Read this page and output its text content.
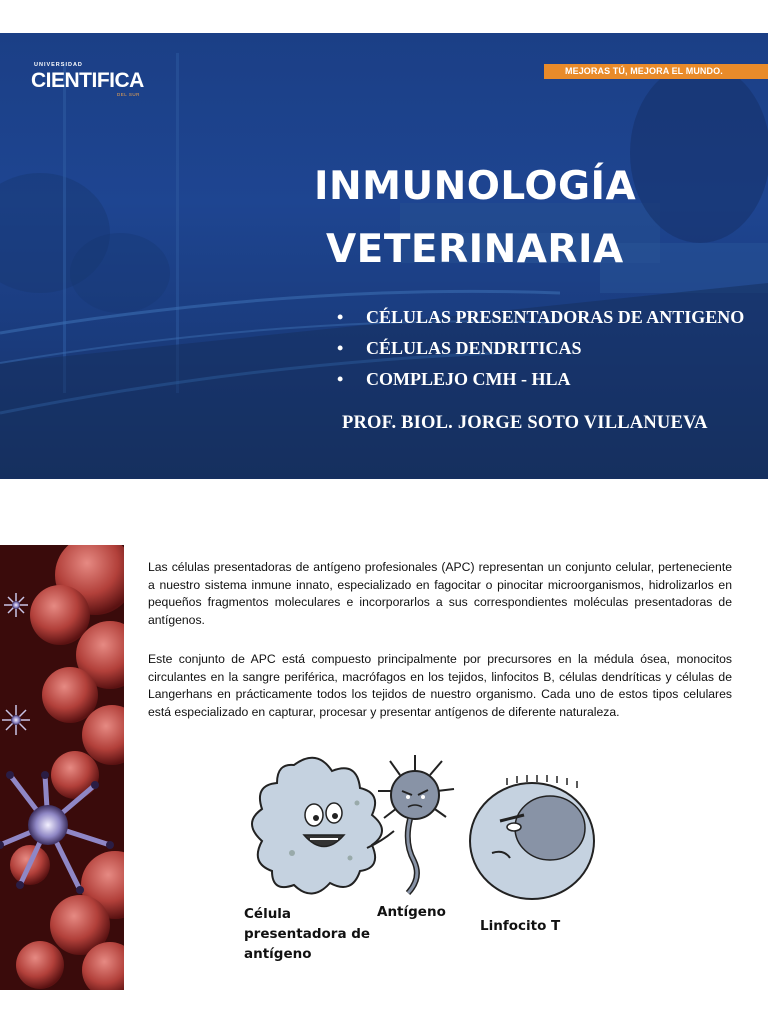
UNIVERSIDAD
CIENTIFICA
DEL SUR
MEJORAS TÚ, MEJORA EL MUNDO.
INMUNOLOGÍA
VETERINARIA
• CÉLULAS PRESENTADORAS DE ANTIGENO
• CÉLULAS DENDRITICAS
• COMPLEJO CMH - HLA
PROF. BIOL. JORGE SOTO VILLANUEVA

Las células presentadoras de antígeno profesionales (APC) representan un conjunto celular, perteneciente a nuestro sistema inmune innato, especializado en fagocitar o pinocitar microorganismos, hidrolizarlos en pequeños fragmentos moleculares e incorporarlos a sus correspondientes moléculas presentadoras de antígenos.

Este conjunto de APC está compuesto principalmente por precursores en la médula ósea, monocitos circulantes en la sangre periférica, macrófagos en los tejidos, linfocitos B, células dendríticas y células de Langerhans en prácticamente todos los tejidos de nuestro organismo. Cada uno de estos tipos celulares está especializado en capturar, procesar y presentar antígenos de diferente naturaleza.

Célula presentadora de antígeno
Antígeno
Linfocito T
